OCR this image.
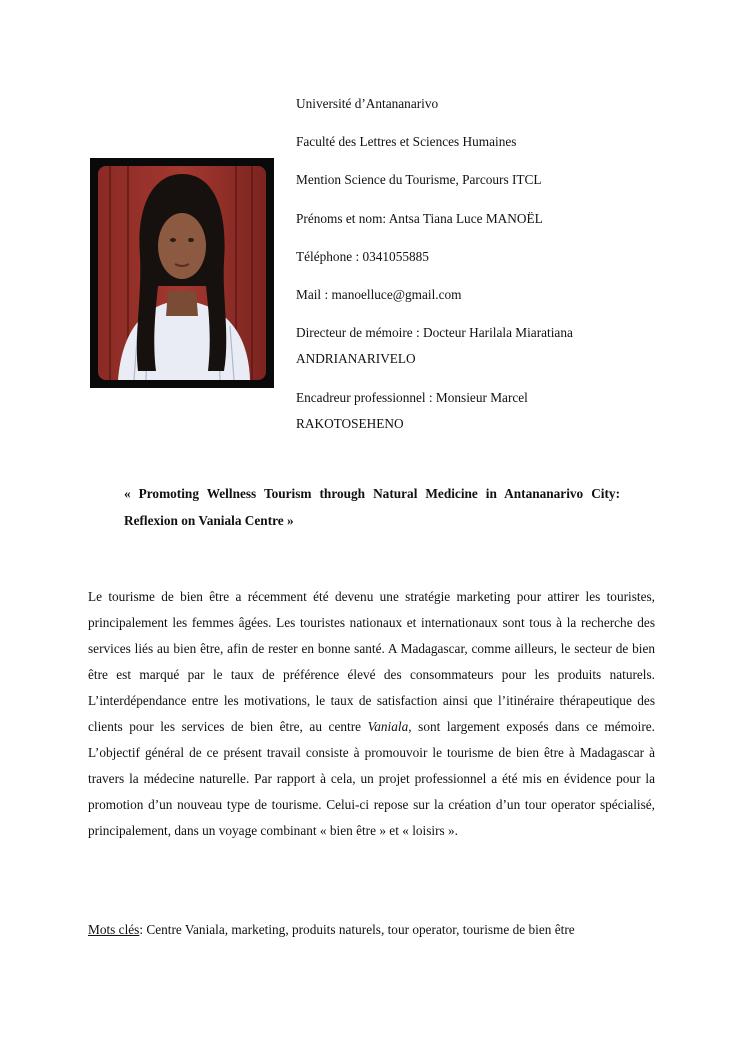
Université d’Antananarivo
Faculté des Lettres et Sciences Humaines
Mention Science du Tourisme, Parcours ITCL
Prénoms et nom: Antsa Tiana Luce MANOËL
Téléphone : 0341055885
Mail : manoelluce@gmail.com
Directeur de mémoire : Docteur Harilala Miaratiana
ANDRIANARIVELO
Encadreur professionnel : Monsieur Marcel
RAKOTOSEHENO
« Promoting Wellness Tourism through Natural Medicine in Antananarivo City: Reflexion on Vaniala Centre »
Le tourisme de bien être a récemment été devenu une stratégie marketing pour attirer les touristes, principalement les femmes âgées. Les touristes nationaux et internationaux sont tous à la recherche des services liés au bien être, afin de rester en bonne santé. A Madagascar, comme ailleurs, le secteur de bien être est marqué par le taux de préférence élevé des consommateurs pour les produits naturels. L’interdépendance entre les motivations, le taux de satisfaction ainsi que l’itinéraire thérapeutique des clients pour les services de bien être, au centre Vaniala, sont largement exposés dans ce mémoire. L’objectif général de ce présent travail consiste à promouvoir le tourisme de bien être à Madagascar à travers la médecine naturelle. Par rapport à cela, un projet professionnel a été mis en évidence pour la promotion d’un nouveau type de tourisme. Celui-ci repose sur la création d’un tour operator spécialisé, principalement, dans un voyage combinant « bien être » et « loisirs ».
Mots clés: Centre Vaniala, marketing, produits naturels, tour operator, tourisme de bien être
